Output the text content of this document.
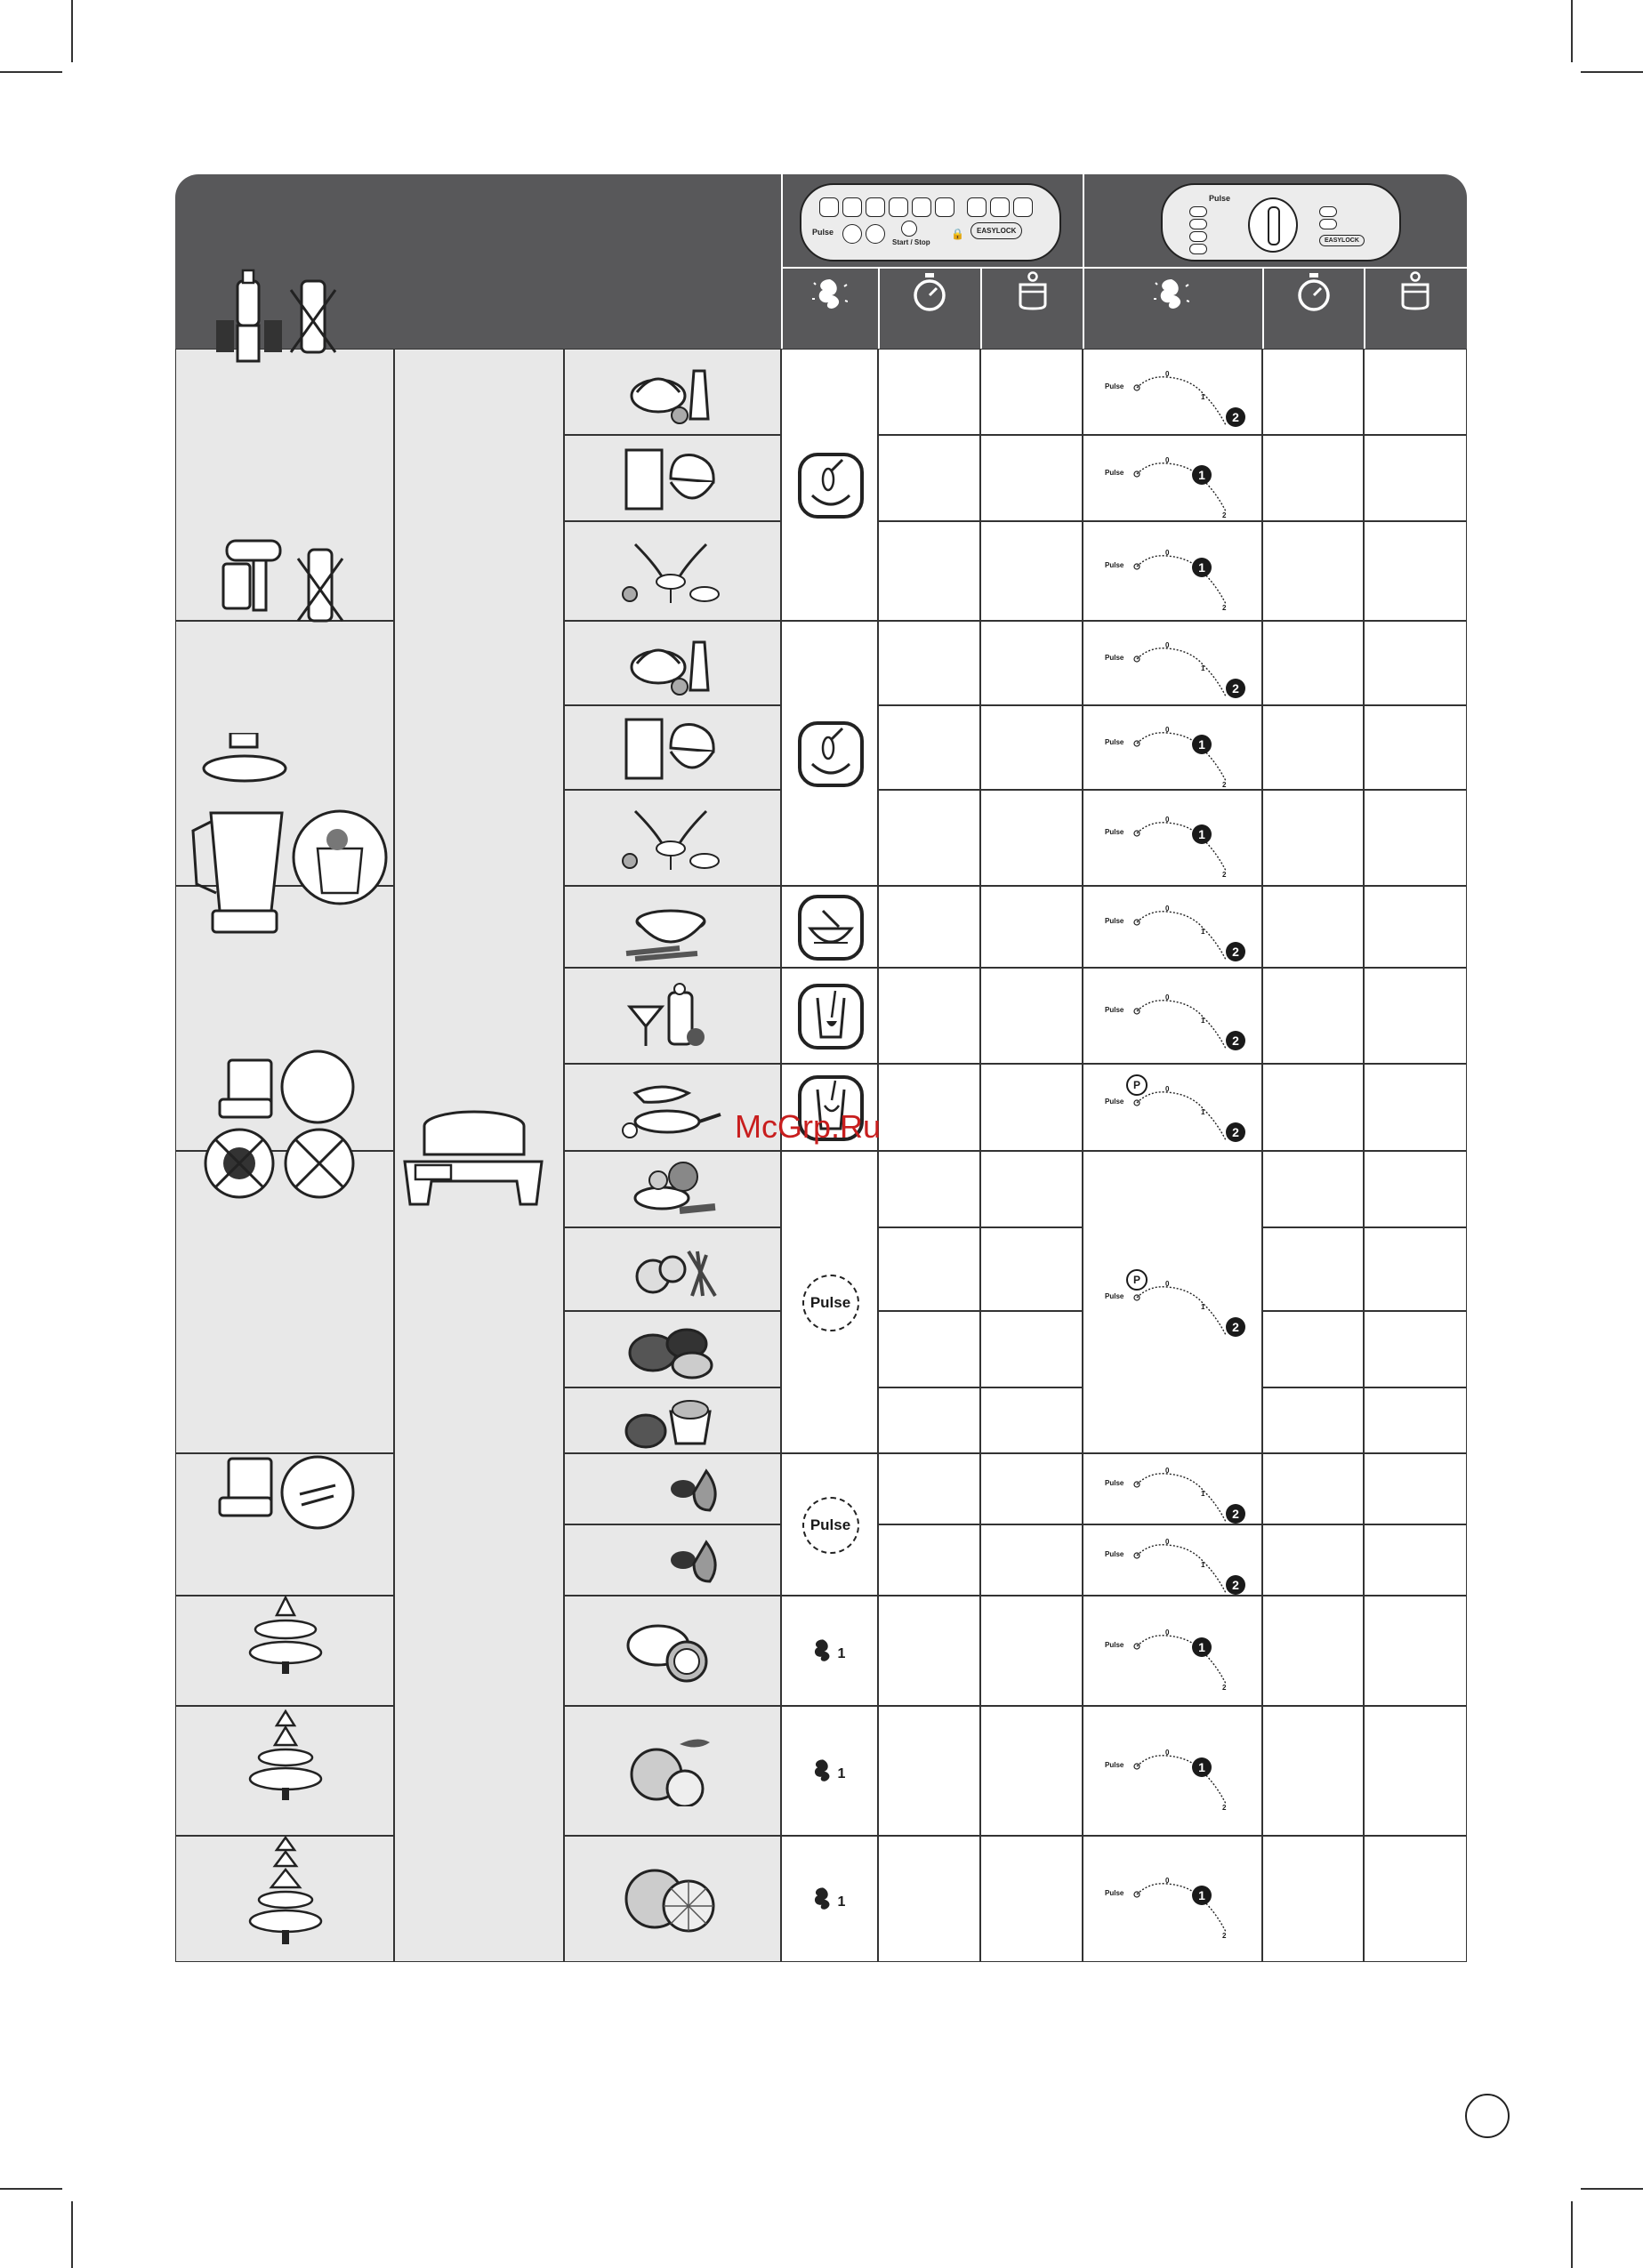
Pulse
Start / Stop
🔒	EASYLOCK
Pulse
EASYLOCK
Pulse
Pulse
1
1
1
Pulse
0
1
2
Pulse
0
1
2
Pulse
0
1
2
Pulse
0
1
2
Pulse
0
1
2
Pulse
0
1
2
Pulse
0
1
2
Pulse
0
1
2
Pulse
0
1
2
P
Pulse
0
1
2
P
Pulse
0
1
2
Pulse
0
1
2
Pulse
0
1
2
Pulse
0
1
2
Pulse
0
1
2
McGrp.Ru
